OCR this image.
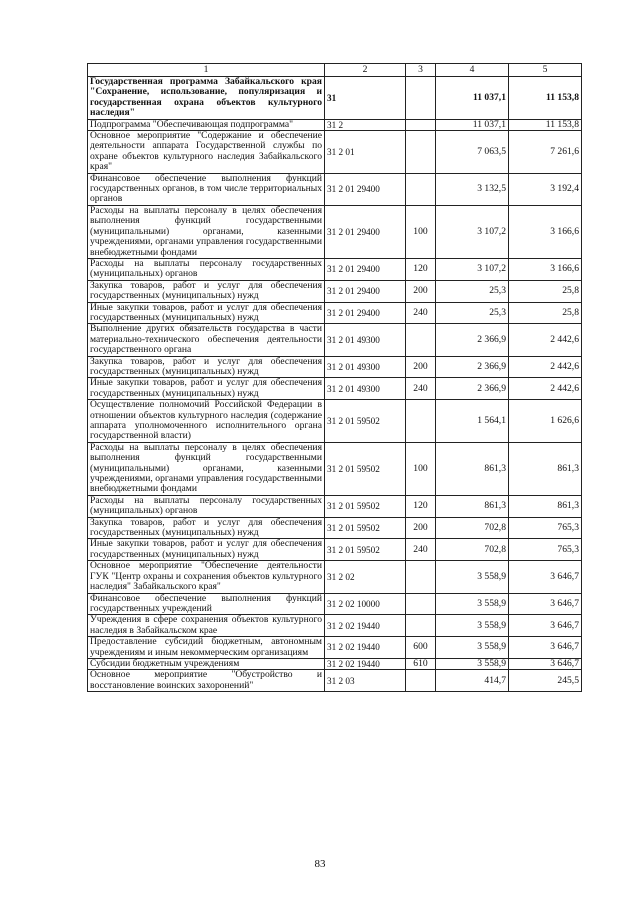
1	2	3	4	5
Государственная программа Забайкальского края "Сохранение, использование, популяризация и государственная охрана объектов культурного наследия"	31		11 037,1	11 153,8
Подпрограмма "Обеспечивающая подпрограмма"	31 2		11 037,1	11 153,8
Основное мероприятие "Содержание и обеспечение деятельности аппарата Государственной службы по охране объектов культурного наследия Забайкальского края"	31 2 01		7 063,5	7 261,6
Финансовое обеспечение выполнения функций государственных органов, в том числе территориальных органов	31 2 01 29400		3 132,5	3 192,4
Расходы на выплаты персоналу в целях обеспечения выполнения функций государственными (муниципальными) органами, казенными учреждениями, органами управления государственными внебюджетными фондами	31 2 01 29400	100	3 107,2	3 166,6
Расходы на выплаты персоналу государственных (муниципальных) органов	31 2 01 29400	120	3 107,2	3 166,6
Закупка товаров, работ и услуг для обеспечения государственных (муниципальных) нужд	31 2 01 29400	200	25,3	25,8
Иные закупки товаров, работ и услуг для обеспечения государственных (муниципальных) нужд	31 2 01 29400	240	25,3	25,8
Выполнение других обязательств государства в части материально-технического обеспечения деятельности государственного органа	31 2 01 49300		2 366,9	2 442,6
Закупка товаров, работ и услуг для обеспечения государственных (муниципальных) нужд	31 2 01 49300	200	2 366,9	2 442,6
Иные закупки товаров, работ и услуг для обеспечения государственных (муниципальных) нужд	31 2 01 49300	240	2 366,9	2 442,6
Осуществление полномочий Российской Федерации в отношении объектов культурного наследия (содержание аппарата уполномоченного исполнительного органа государственной власти)	31 2 01 59502		1 564,1	1 626,6
Расходы на выплаты персоналу в целях обеспечения выполнения функций государственными (муниципальными) органами, казенными учреждениями, органами управления государственными внебюджетными фондами	31 2 01 59502	100	861,3	861,3
Расходы на выплаты персоналу государственных (муниципальных) органов	31 2 01 59502	120	861,3	861,3
Закупка товаров, работ и услуг для обеспечения государственных (муниципальных) нужд	31 2 01 59502	200	702,8	765,3
Иные закупки товаров, работ и услуг для обеспечения государственных (муниципальных) нужд	31 2 01 59502	240	702,8	765,3
Основное мероприятие "Обеспечение деятельности ГУК "Центр охраны и сохранения объектов культурного наследия" Забайкальского края"	31 2 02		3 558,9	3 646,7
Финансовое обеспечение выполнения функций государственных учреждений	31 2 02 10000		3 558,9	3 646,7
Учреждения в сфере сохранения объектов культурного наследия в Забайкальском крае	31 2 02 19440		3 558,9	3 646,7
Предоставление субсидий бюджетным, автономным учреждениям и иным некоммерческим организациям	31 2 02 19440	600	3 558,9	3 646,7
Субсидии бюджетным учреждениям	31 2 02 19440	610	3 558,9	3 646,7
Основное мероприятие "Обустройство и восстановление воинских захоронений"	31 2 03		414,7	245,5
83
